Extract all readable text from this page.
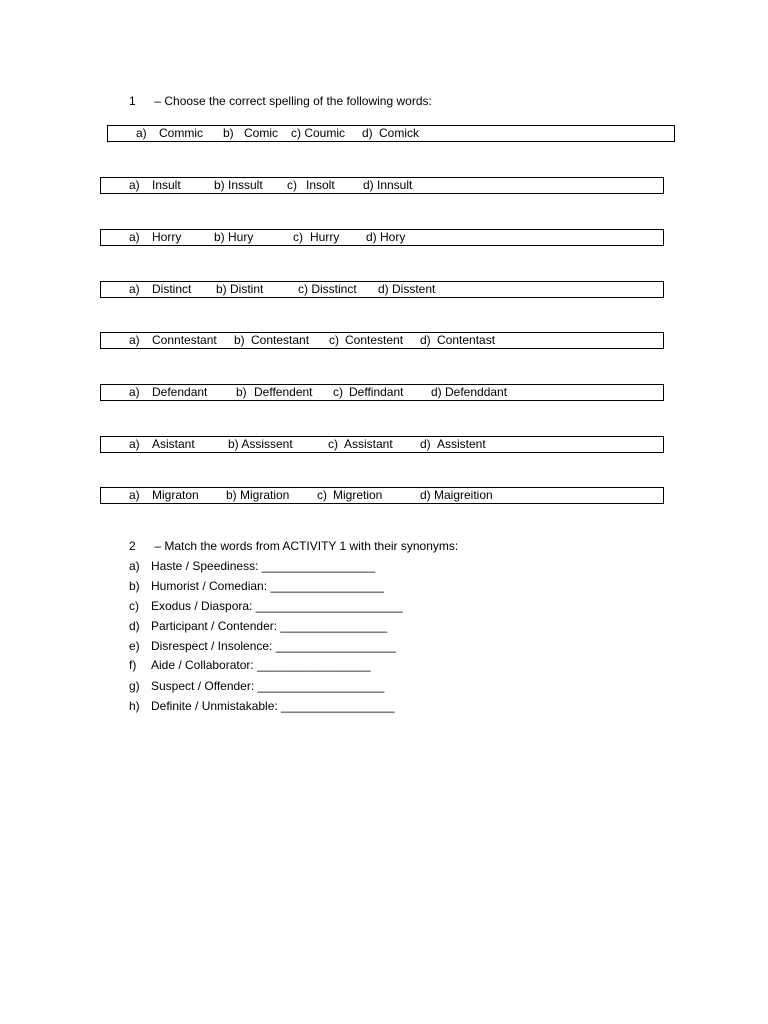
1 – Choose the correct spelling of the following words:
a) Commic b) Comic c) Coumic d) Comick
a) Insult	b) Inssult c) Insolt d) Innsult
a) Horry	b) Hury	c) Hurry d) Hory
a) Distinct b) Distint	c) Disstinct d) Disstent
a) Conntestant b) Contestant c) Contestent d) Contentast
a) Defendant b) Deffendent c) Deffindant d) Defenddant
a) Asistant	b) Assissent	c) Assistant d) Assistent
a) Migraton b) Migration c) Migretion	d) Maigreition
2 – Match the words from ACTIVITY 1 with their synonyms:
a) Haste / Speediness: _________________
b) Humorist / Comedian: _________________
c) Exodus / Diaspora: ______________________
d) Participant / Contender: ________________
e) Disrespect / Insolence: __________________
f) Aide / Collaborator: _________________
g) Suspect / Offender: ___________________
h) Definite / Unmistakable: _________________
